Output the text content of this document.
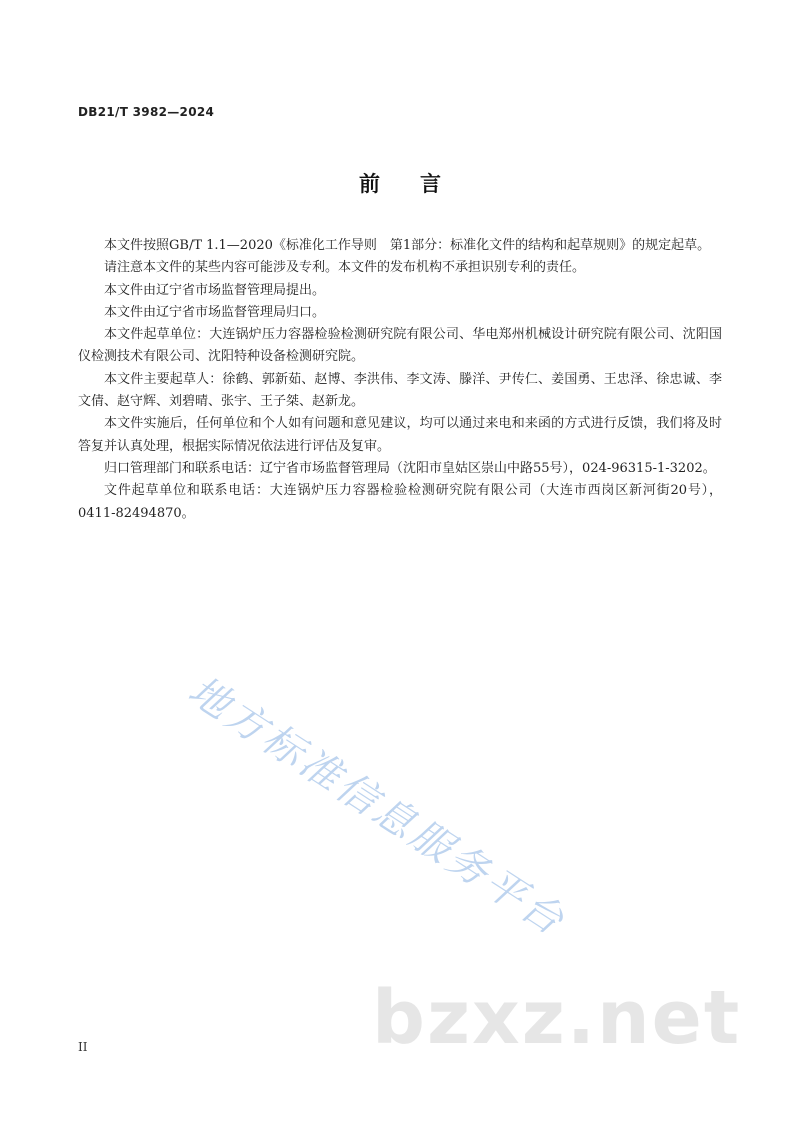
DB21/T 3982—2024
前言

本文件按照GB/T 1.1—2020《标准化工作导则　第1部分：标准化文件的结构和起草规则》的规定起草。

请注意本文件的某些内容可能涉及专利。本文件的发布机构不承担识别专利的责任。

本文件由辽宁省市场监督管理局提出。

本文件由辽宁省市场监督管理局归口。

本文件起草单位：大连锅炉压力容器检验检测研究院有限公司、华电郑州机械设计研究院有限公司、沈阳国仪检测技术有限公司、沈阳特种设备检测研究院。

本文件主要起草人：徐鹤、郭新茹、赵博、李洪伟、李文涛、滕洋、尹传仁、姜国勇、王忠泽、徐忠诚、李文倩、赵守辉、刘碧晴、张宇、王子桀、赵新龙。

本文件实施后，任何单位和个人如有问题和意见建议，均可以通过来电和来函的方式进行反馈，我们将及时答复并认真处理，根据实际情况依法进行评估及复审。

归口管理部门和联系电话：辽宁省市场监督管理局（沈阳市皇姑区崇山中路55号），024-96315-1-3202。

文件起草单位和联系电话：大连锅炉压力容器检验检测研究院有限公司（大连市西岗区新河街20号），0411-82494870。

地方标准信息服务平台
bzxz.net
II
